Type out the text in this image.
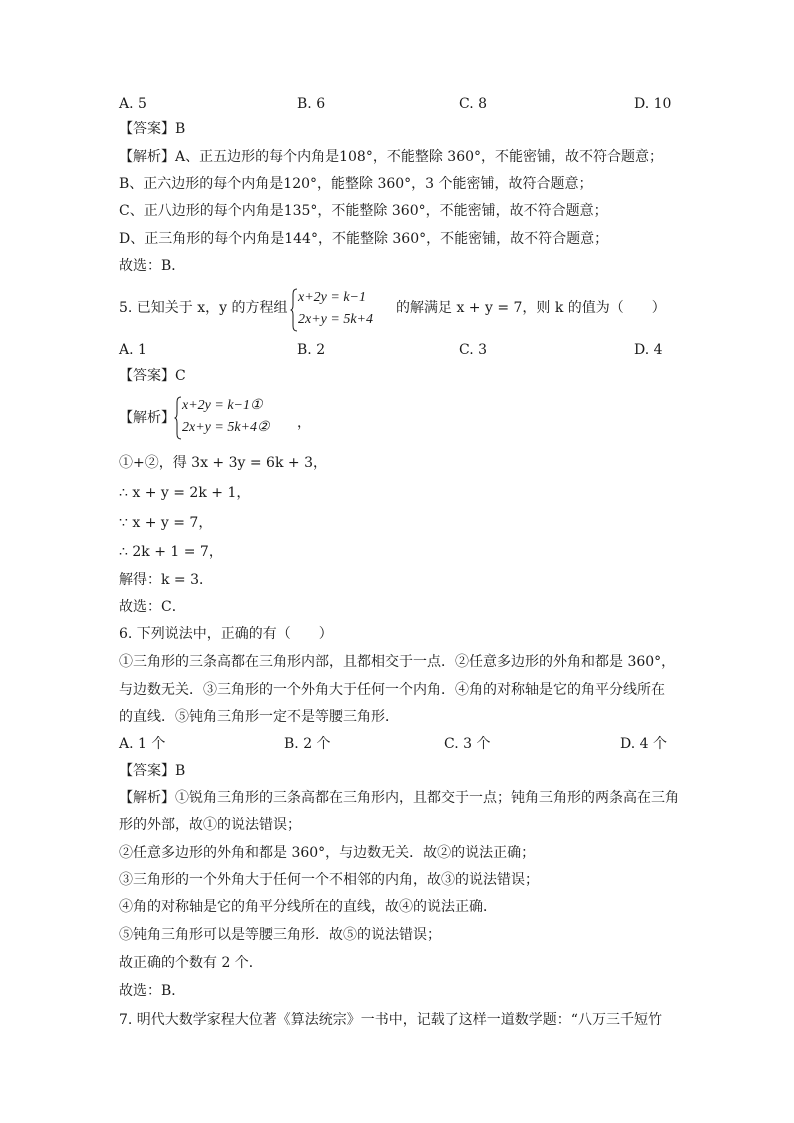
A. 5	B. 6	C. 8	D. 10
【答案】B
【解析】A、正五边形的每个内角是108°，不能整除 360°，不能密铺，故不符合题意；
B、正六边形的每个内角是120°，能整除 360°，3 个能密铺，故符合题意；
C、正八边形的每个内角是135°，不能整除 360°，不能密铺，故不符合题意；
D、正三角形的每个内角是144°，不能整除 360°，不能密铺，故不符合题意；
故选：B．
5. 已知关于 x，y 的方程组
x+2y = k−1
2x+y = 5k+4
的解满足 x + y = 7，则 k 的值为（　　）
A. 1	B. 2	C. 3	D. 4
【答案】C
【解析】
x+2y = k−1①
2x+y = 5k+4② ，
①+②，得 3x + 3y = 6k + 3，
∴ x + y = 2k + 1，
∵ x + y = 7，
∴ 2k + 1 = 7，
解得：k = 3．
故选：C．
6. 下列说法中，正确的有（　　）
①三角形的三条高都在三角形内部，且都相交于一点．②任意多边形的外角和都是 360°，
与边数无关．③三角形的一个外角大于任何一个内角．④角的对称轴是它的角平分线所在
的直线．⑤钝角三角形一定不是等腰三角形．
A. 1 个	B. 2 个	C. 3 个	D. 4 个
【答案】B
【解析】①锐角三角形的三条高都在三角形内，且都交于一点；钝角三角形的两条高在三角
形的外部，故①的说法错误；
②任意多边形的外角和都是 360°，与边数无关．故②的说法正确；
③三角形的一个外角大于任何一个不相邻的内角，故③的说法错误；
④角的对称轴是它的角平分线所在的直线，故④的说法正确．
⑤钝角三角形可以是等腰三角形．故⑤的说法错误；
故正确的个数有 2 个．
故选：B．
7. 明代大数学家程大位著《算法统宗》一书中，记载了这样一道数学题：“八万三千短竹
